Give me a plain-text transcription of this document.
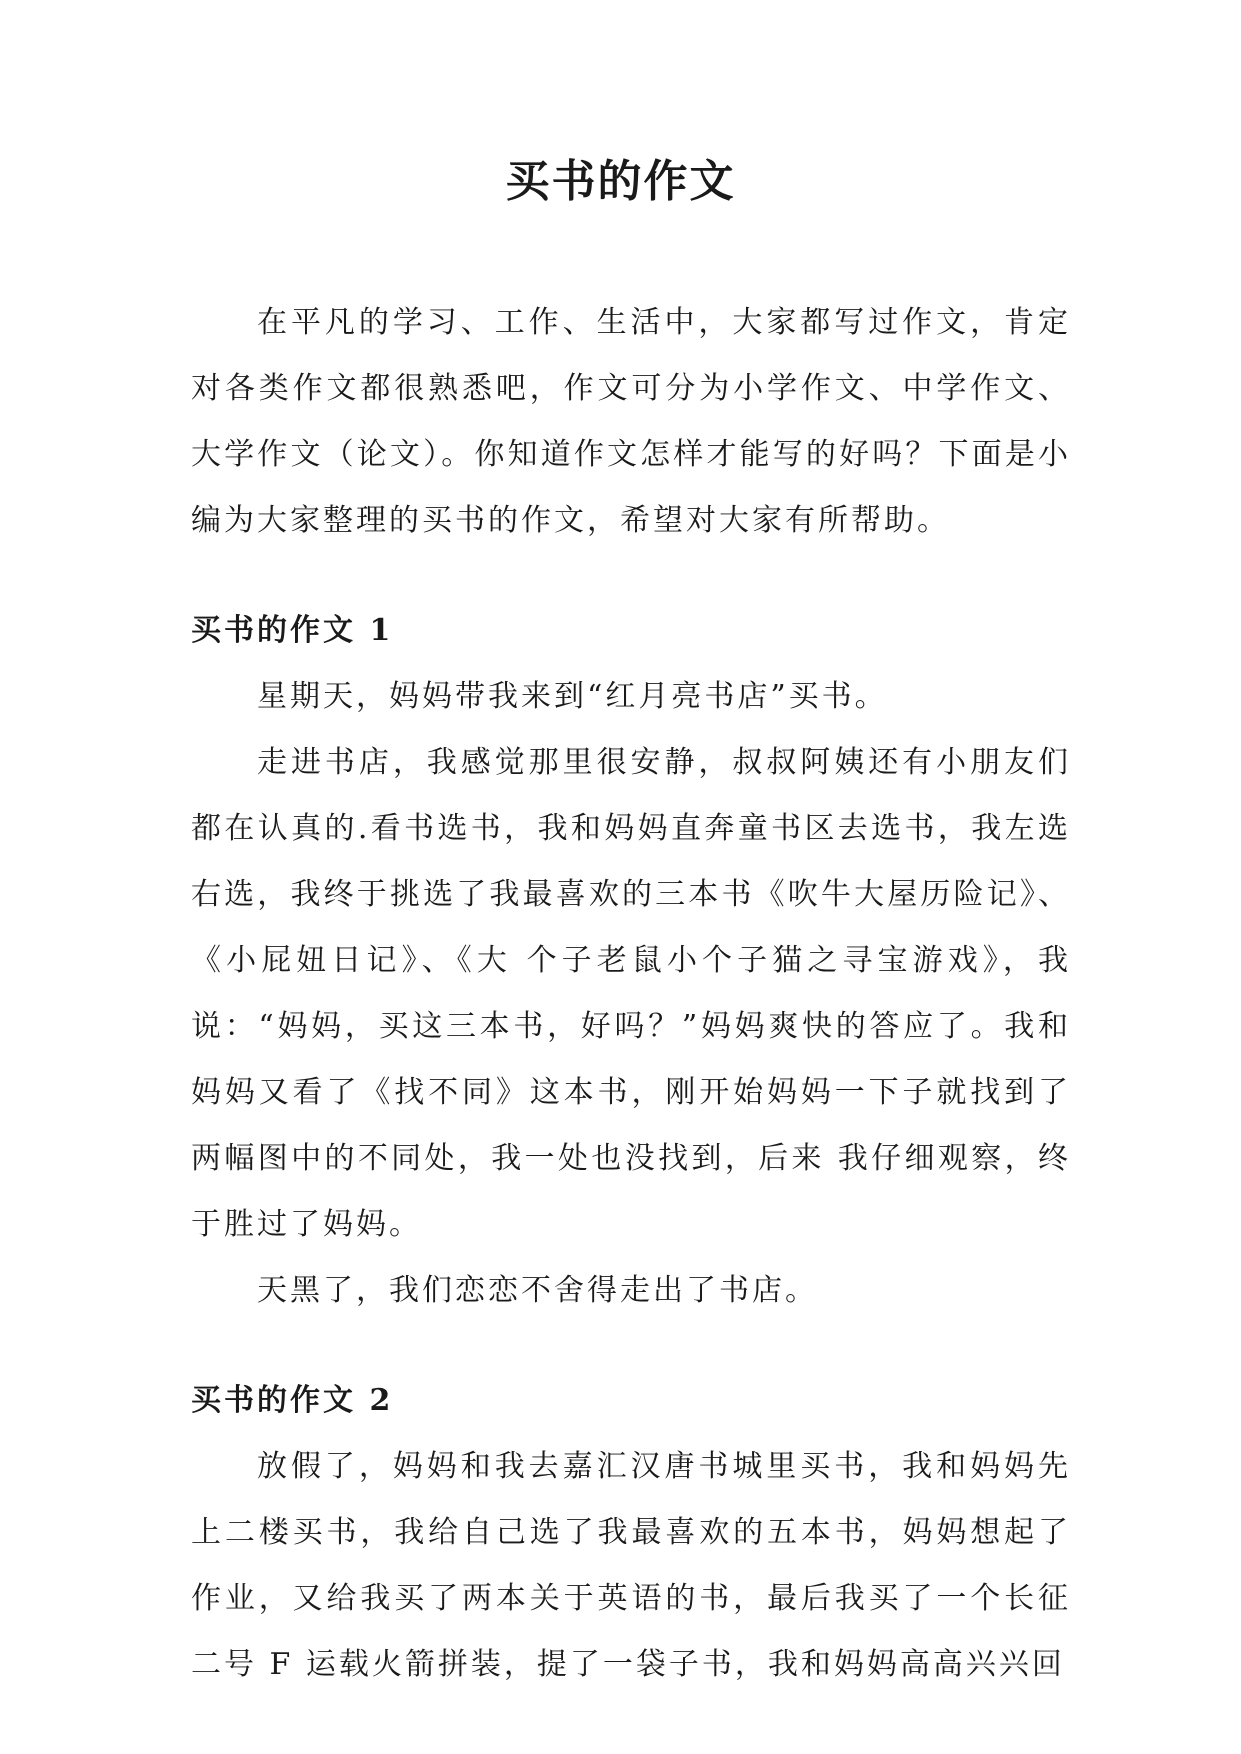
买书的作文

在平凡的学习、工作、生活中，大家都写过作文，肯定对各类作文都很熟悉吧，作文可分为小学作文、中学作文、大学作文（论文）。你知道作文怎样才能写的好吗？下面是小编为大家整理的买书的作文，希望对大家有所帮助。

买书的作文 1

星期天，妈妈带我来到“红月亮书店”买书。

走进书店，我感觉那里很安静，叔叔阿姨还有小朋友们都在认真的.看书选书，我和妈妈直奔童书区去选书，我左选右选，我终于挑选了我最喜欢的三本书《吹牛大屋历险记》、《小屁妞日记》、《大 个子老鼠小个子猫之寻宝游戏》，我说：“妈妈，买这三本书，好吗？”妈妈爽快的答应了。我和妈妈又看了《找不同》这本书，刚开始妈妈一下子就找到了两幅图中的不同处，我一处也没找到，后来 我仔细观察，终于胜过了妈妈。

天黑了，我们恋恋不舍得走出了书店。

买书的作文 2

放假了，妈妈和我去嘉汇汉唐书城里买书，我和妈妈先上二楼买书，我给自己选了我最喜欢的五本书，妈妈想起了作业，又给我买了两本关于英语的书，最后我买了一个长征二号 F 运载火箭拼装，提了一袋子书，我和妈妈高高兴兴回
